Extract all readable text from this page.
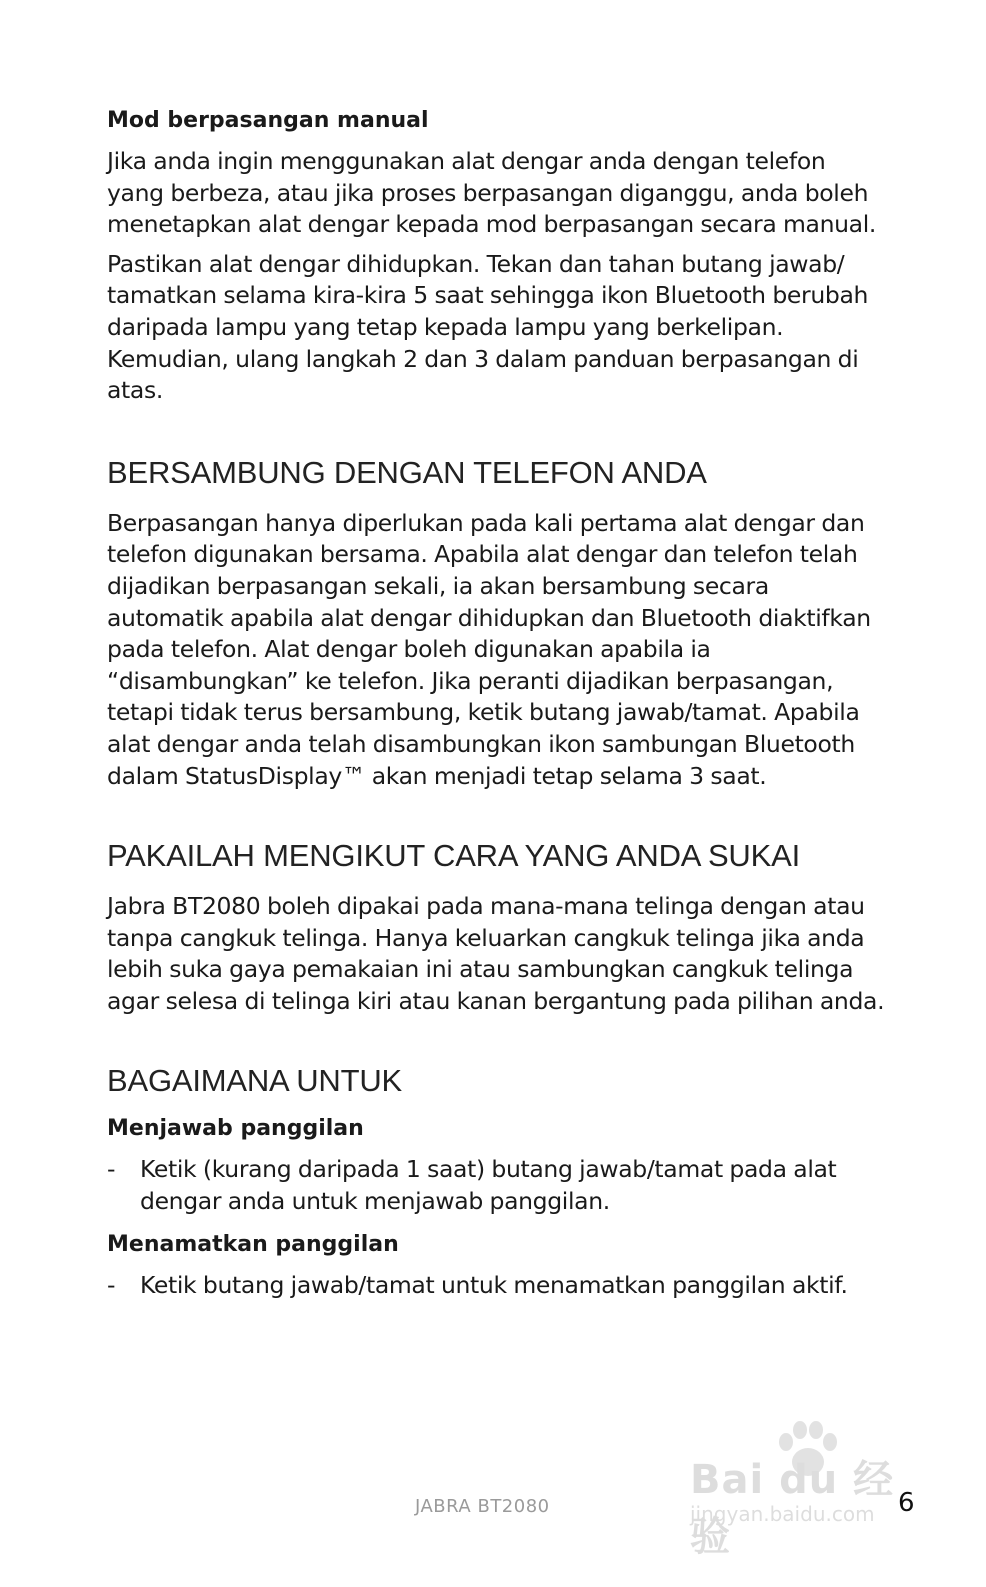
Mod berpasangan manual

Jika anda ingin menggunakan alat dengar anda dengan telefon yang berbeza, atau jika proses berpasangan diganggu, anda boleh menetapkan alat dengar kepada mod berpasangan secara manual.

Pastikan alat dengar dihidupkan. Tekan dan tahan butang jawab/ tamatkan selama kira-kira 5 saat sehingga ikon Bluetooth berubah daripada lampu yang tetap kepada lampu yang berkelipan. Kemudian, ulang langkah 2 dan 3 dalam panduan berpasangan di atas.

BERSAMBUNG DENGAN TELEFON ANDA

Berpasangan hanya diperlukan pada kali pertama alat dengar dan telefon digunakan bersama. Apabila alat dengar dan telefon telah dijadikan berpasangan sekali, ia akan bersambung secara automatik apabila alat dengar dihidupkan dan Bluetooth diaktifkan pada telefon. Alat dengar boleh digunakan apabila ia “disambungkan” ke telefon. Jika peranti dijadikan berpasangan, tetapi tidak terus bersambung, ketik butang jawab/tamat. Apabila alat dengar anda telah disambungkan ikon sambungan Bluetooth dalam StatusDisplay™ akan menjadi tetap selama 3 saat.

PAKAILAH MENGIKUT CARA YANG ANDA SUKAI

Jabra BT2080 boleh dipakai pada mana-mana telinga dengan atau tanpa cangkuk telinga. Hanya keluarkan cangkuk telinga jika anda lebih suka gaya pemakaian ini atau sambungkan cangkuk telinga agar selesa di telinga kiri atau kanan bergantung pada pilihan anda.

BAGAIMANA UNTUK
Menjawab panggilan
-	Ketik (kurang daripada 1 saat) butang jawab/tamat pada alat dengar anda untuk menjawab panggilan.
Menamatkan panggilan
-	Ketik butang jawab/tamat untuk menamatkan panggilan aktif.
Bai du 经验
jingyan.baidu.com
JABRA BT2080	6
